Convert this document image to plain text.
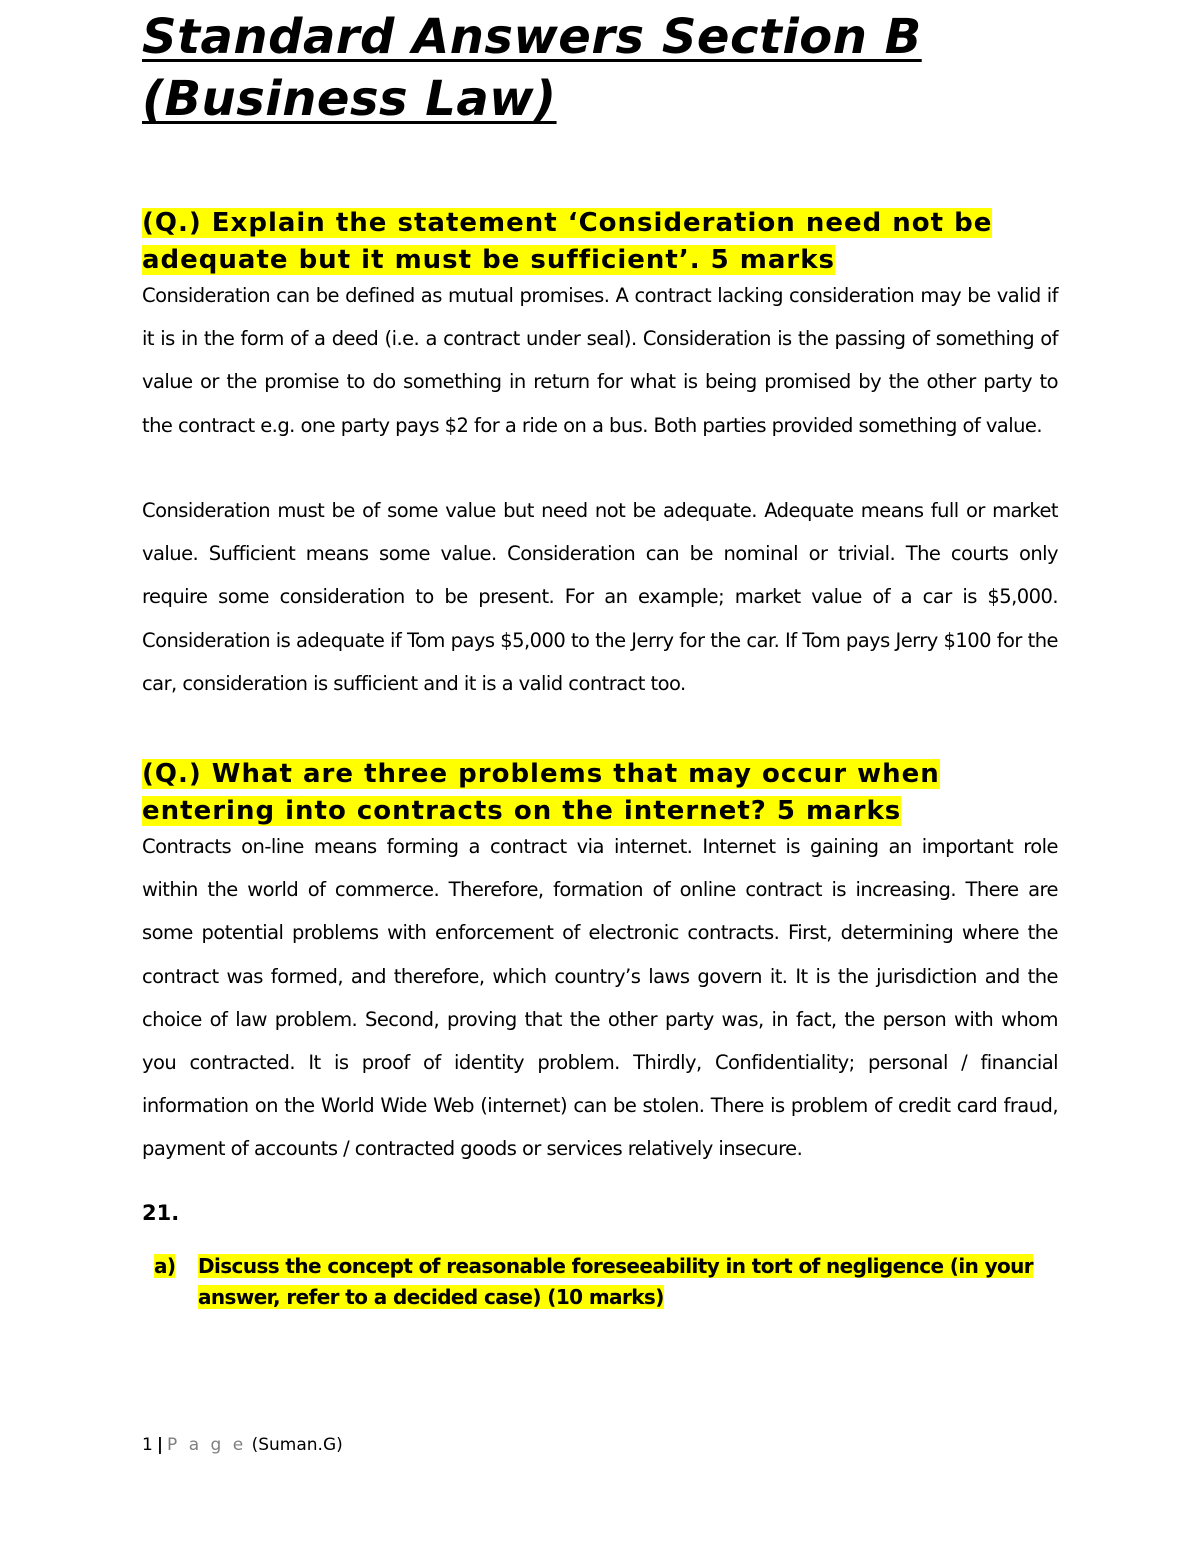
Standard Answers Section B
(Business Law)
(Q.) Explain the statement ‘Consideration need not be
adequate but it must be sufficient’. 5 marks

Consideration can be defined as mutual promises. A contract lacking consideration may be valid if it is in the form of a deed (i.e. a contract under seal). Consideration is the passing of something of value or the promise to do something in return for what is being promised by the other party to the contract e.g. one party pays $2 for a ride on a bus. Both parties provided something of value.

Consideration must be of some value but need not be adequate. Adequate means full or market value. Sufficient means some value. Consideration can be nominal or trivial. The courts only require some consideration to be present. For an example; market value of a car is $5,000. Consideration is adequate if Tom pays $5,000 to the Jerry for the car. If Tom pays Jerry $100 for the car, consideration is sufficient and it is a valid contract too.

(Q.) What are three problems that may occur when
entering into contracts on the internet? 5 marks

Contracts on-line means forming a contract via internet. Internet is gaining an important role within the world of commerce. Therefore, formation of online contract is increasing. There are some potential problems with enforcement of electronic contracts. First, determining where the contract was formed, and therefore, which country’s laws govern it. It is the jurisdiction and the choice of law problem. Second, proving that the other party was, in fact, the person with whom you contracted. It is proof of identity problem. Thirdly, Confidentiality; personal / financial information on the World Wide Web (internet) can be stolen. There is problem of credit card fraud, payment of accounts / contracted goods or services relatively insecure.

21.
a)	Discuss the concept of reasonable foreseeability in tort of negligence (in your
answer, refer to a decided case) (10 marks)
1 | P a g e (Suman.G)
